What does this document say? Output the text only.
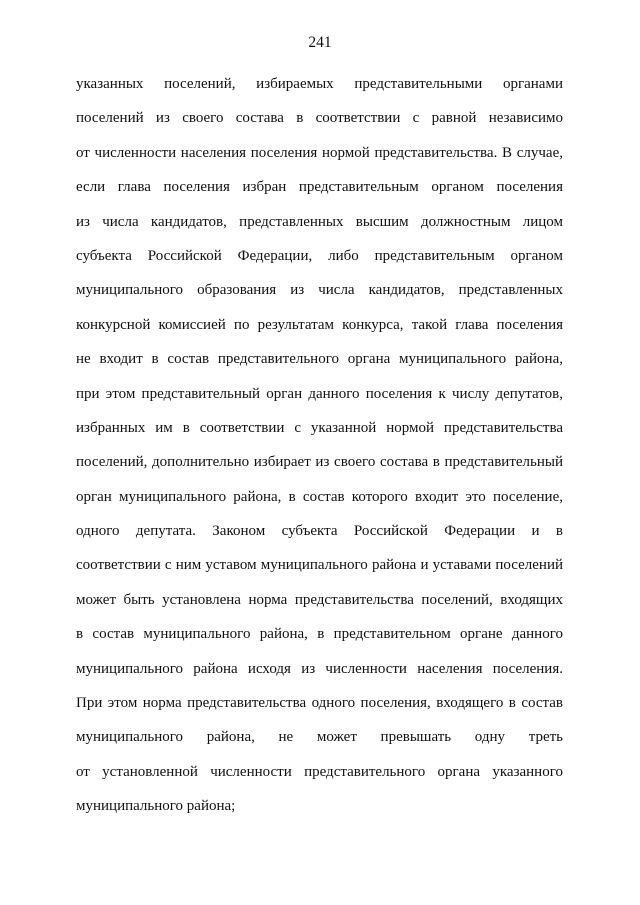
241
указанных поселений, избираемых представительными органами
поселений из своего состава в соответствии с равной независимо
от численности населения поселения нормой представительства. В случае,
если глава поселения избран представительным органом поселения
из числа кандидатов, представленных высшим должностным лицом
субъекта Российской Федерации, либо представительным органом
муниципального образования из числа кандидатов, представленных
конкурсной комиссией по результатам конкурса, такой глава поселения
не входит в состав представительного органа муниципального района,
при этом представительный орган данного поселения к числу депутатов,
избранных им в соответствии с указанной нормой представительства
поселений, дополнительно избирает из своего состава в представительный
орган муниципального района, в состав которого входит это поселение,
одного депутата. Законом субъекта Российской Федерации и в
соответствии с ним уставом муниципального района и уставами поселений
может быть установлена норма представительства поселений, входящих
в состав муниципального района, в представительном органе данного
муниципального района исходя из численности населения поселения.
При этом норма представительства одного поселения, входящего в состав
муниципального района, не может превышать одну треть
от установленной численности представительного органа указанного
муниципального района;
